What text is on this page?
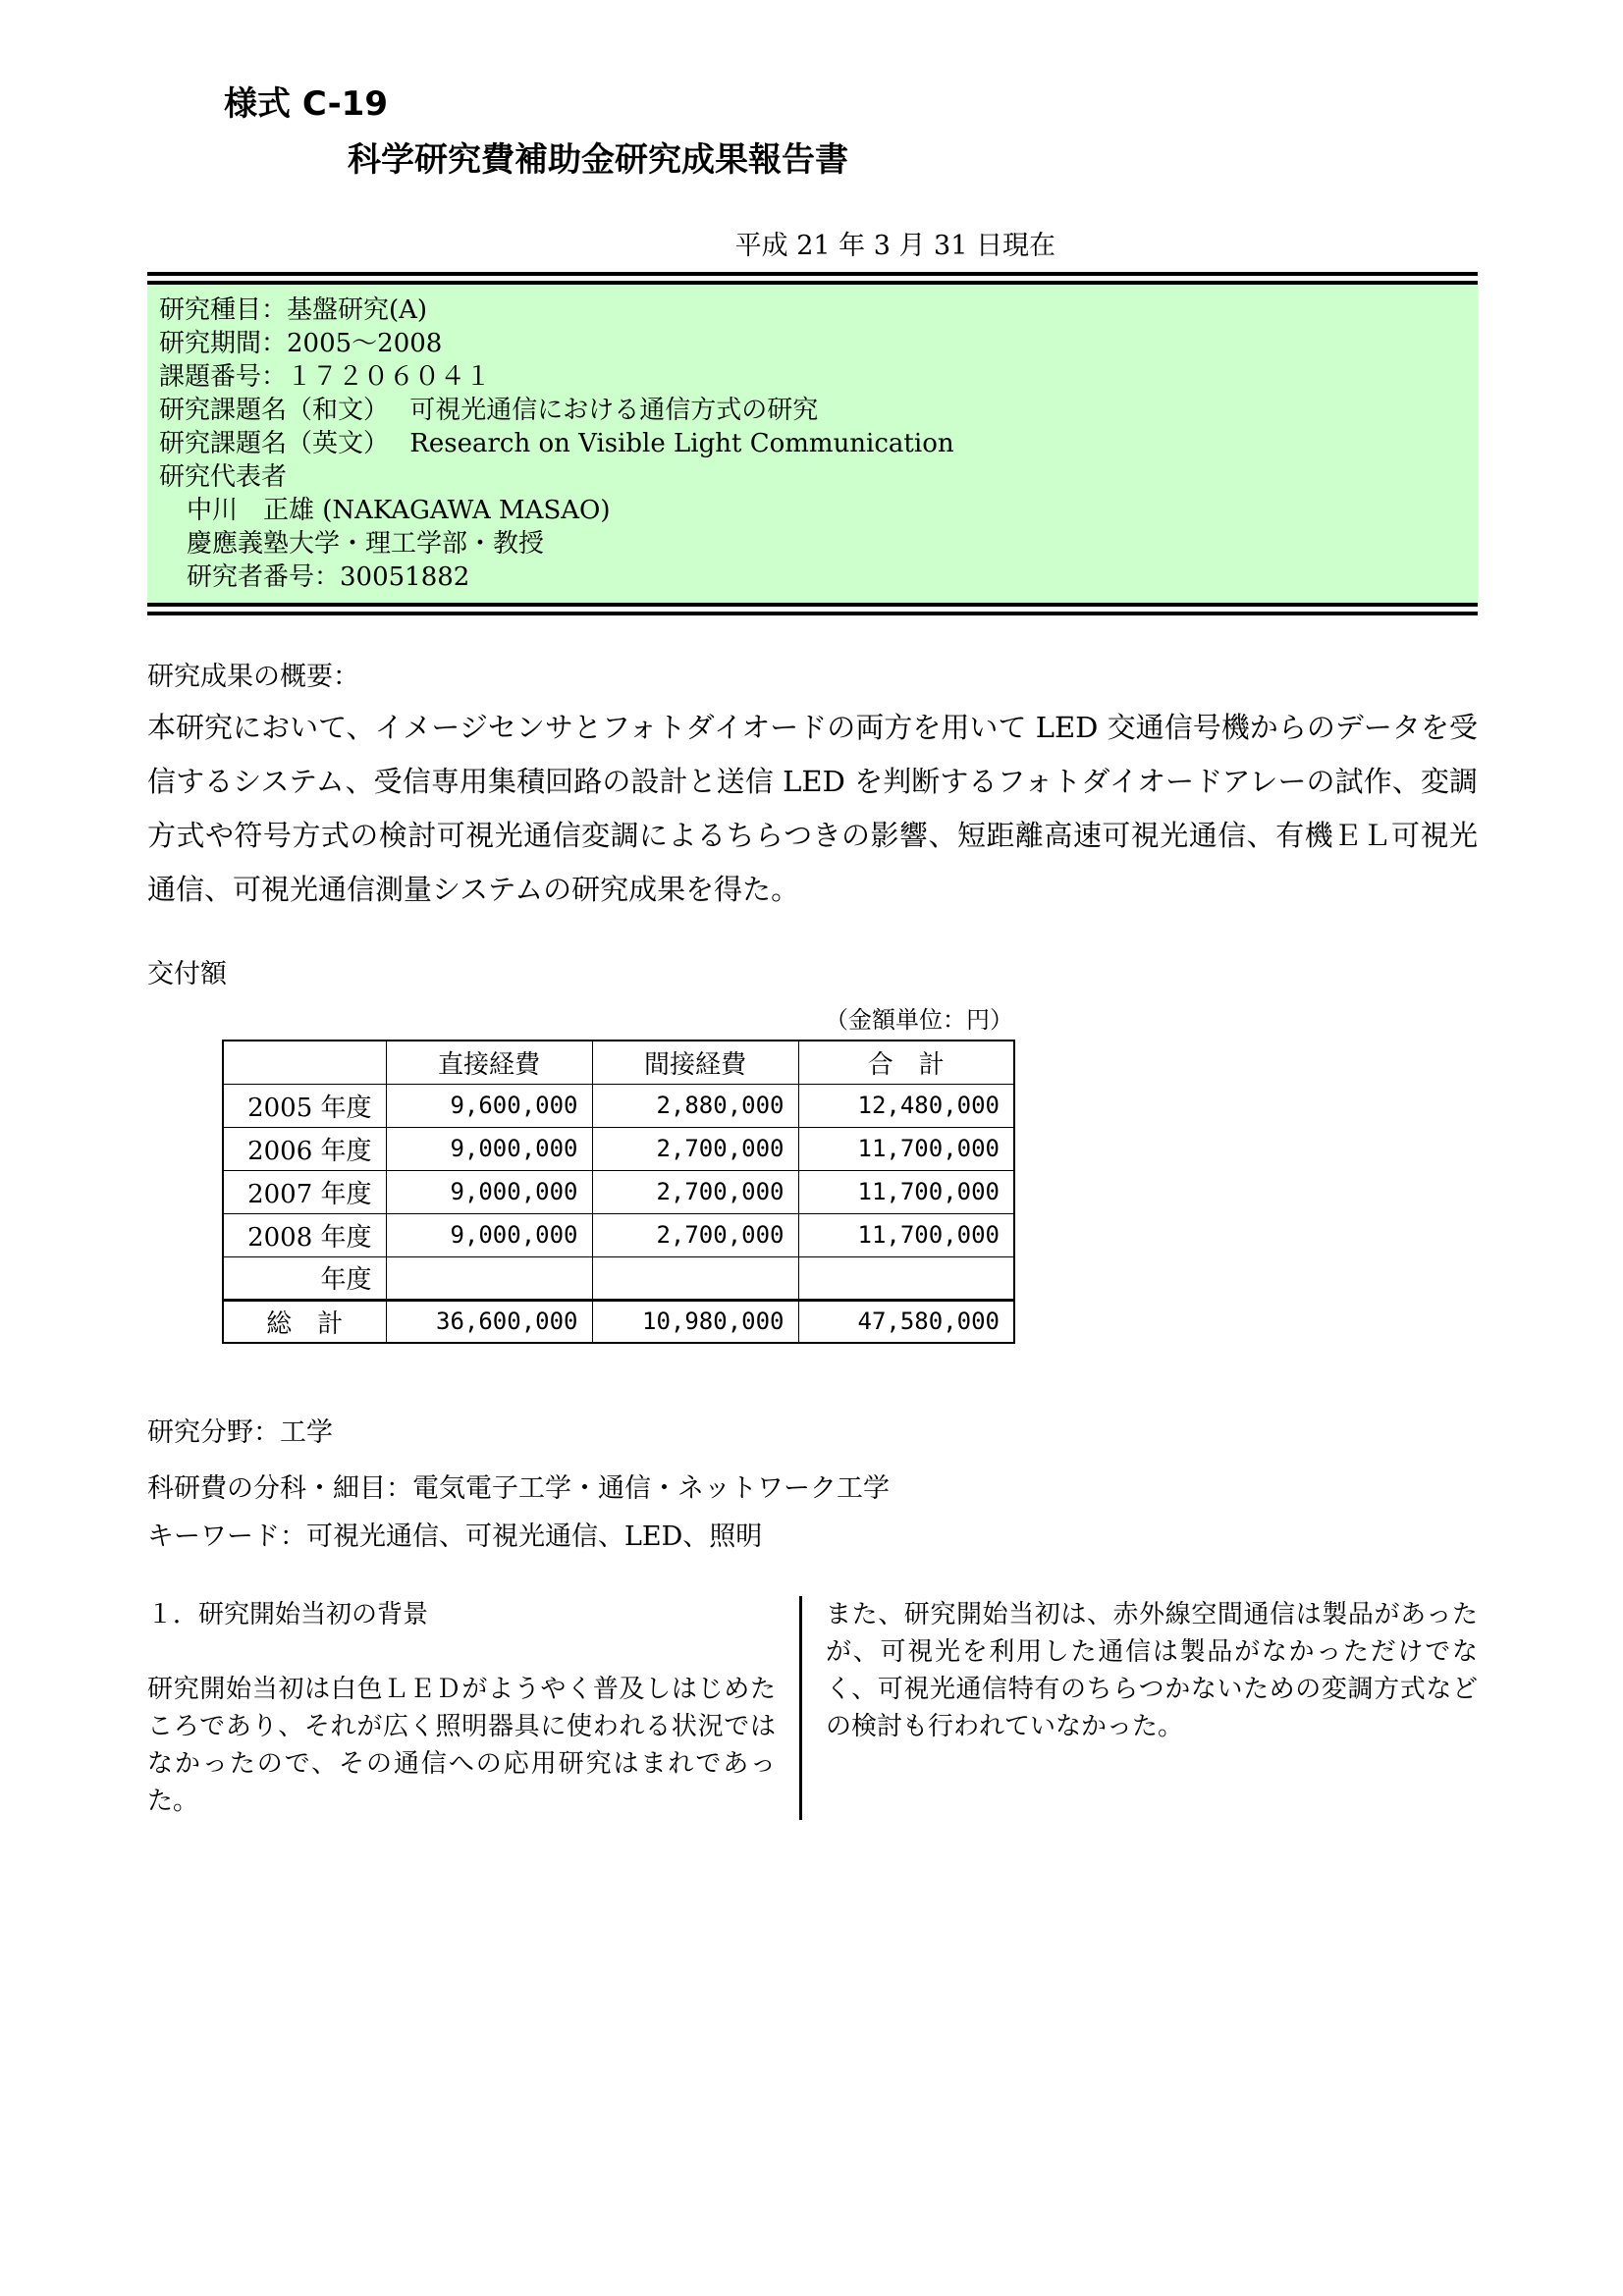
様式 C-19
科学研究費補助金研究成果報告書
平成 21 年 3 月 31 日現在
研究種目：基盤研究(A)
研究期間：2005～2008
課題番号：１７２０６０４１
研究課題名（和文）　 可視光通信における通信方式の研究
研究課題名（英文）　 Research on Visible Light Communication
研究代表者
中川　正雄 (NAKAGAWA MASAO)
慶應義塾大学・理工学部・教授
研究者番号：30051882
研究成果の概要：
本研究において、イメージセンサとフォトダイオードの両方を用いて LED 交通信号機からのデータを受信するシステム、受信専用集積回路の設計と送信 LED を判断するフォトダイオードアレーの試作、変調方式や符号方式の検討可視光通信変調によるちらつきの影響、短距離高速可視光通信、有機ＥＬ可視光通信、可視光通信測量システムの研究成果を得た。
交付額
（金額単位：円）
	直接経費	間接経費	合　計
2005 年度	9,600,000	2,880,000	12,480,000
2006 年度	9,000,000	2,700,000	11,700,000
2007 年度	9,000,000	2,700,000	11,700,000
2008 年度	9,000,000	2,700,000	11,700,000
年度			
総　計	36,600,000	10,980,000	47,580,000
研究分野：工学
科研費の分科・細目：電気電子工学・通信・ネットワーク工学
キーワード：可視光通信、可視光通信、LED、照明
１．研究開始当初の背景
研究開始当初は白色ＬＥＤがようやく普及しはじめたころであり、それが広く照明器具に使われる状況ではなかったので、その通信への応用研究はまれであった。
また、研究開始当初は、赤外線空間通信は製品があったが、可視光を利用した通信は製品がなかっただけでなく、可視光通信特有のちらつかないための変調方式などの検討も行われていなかった。
